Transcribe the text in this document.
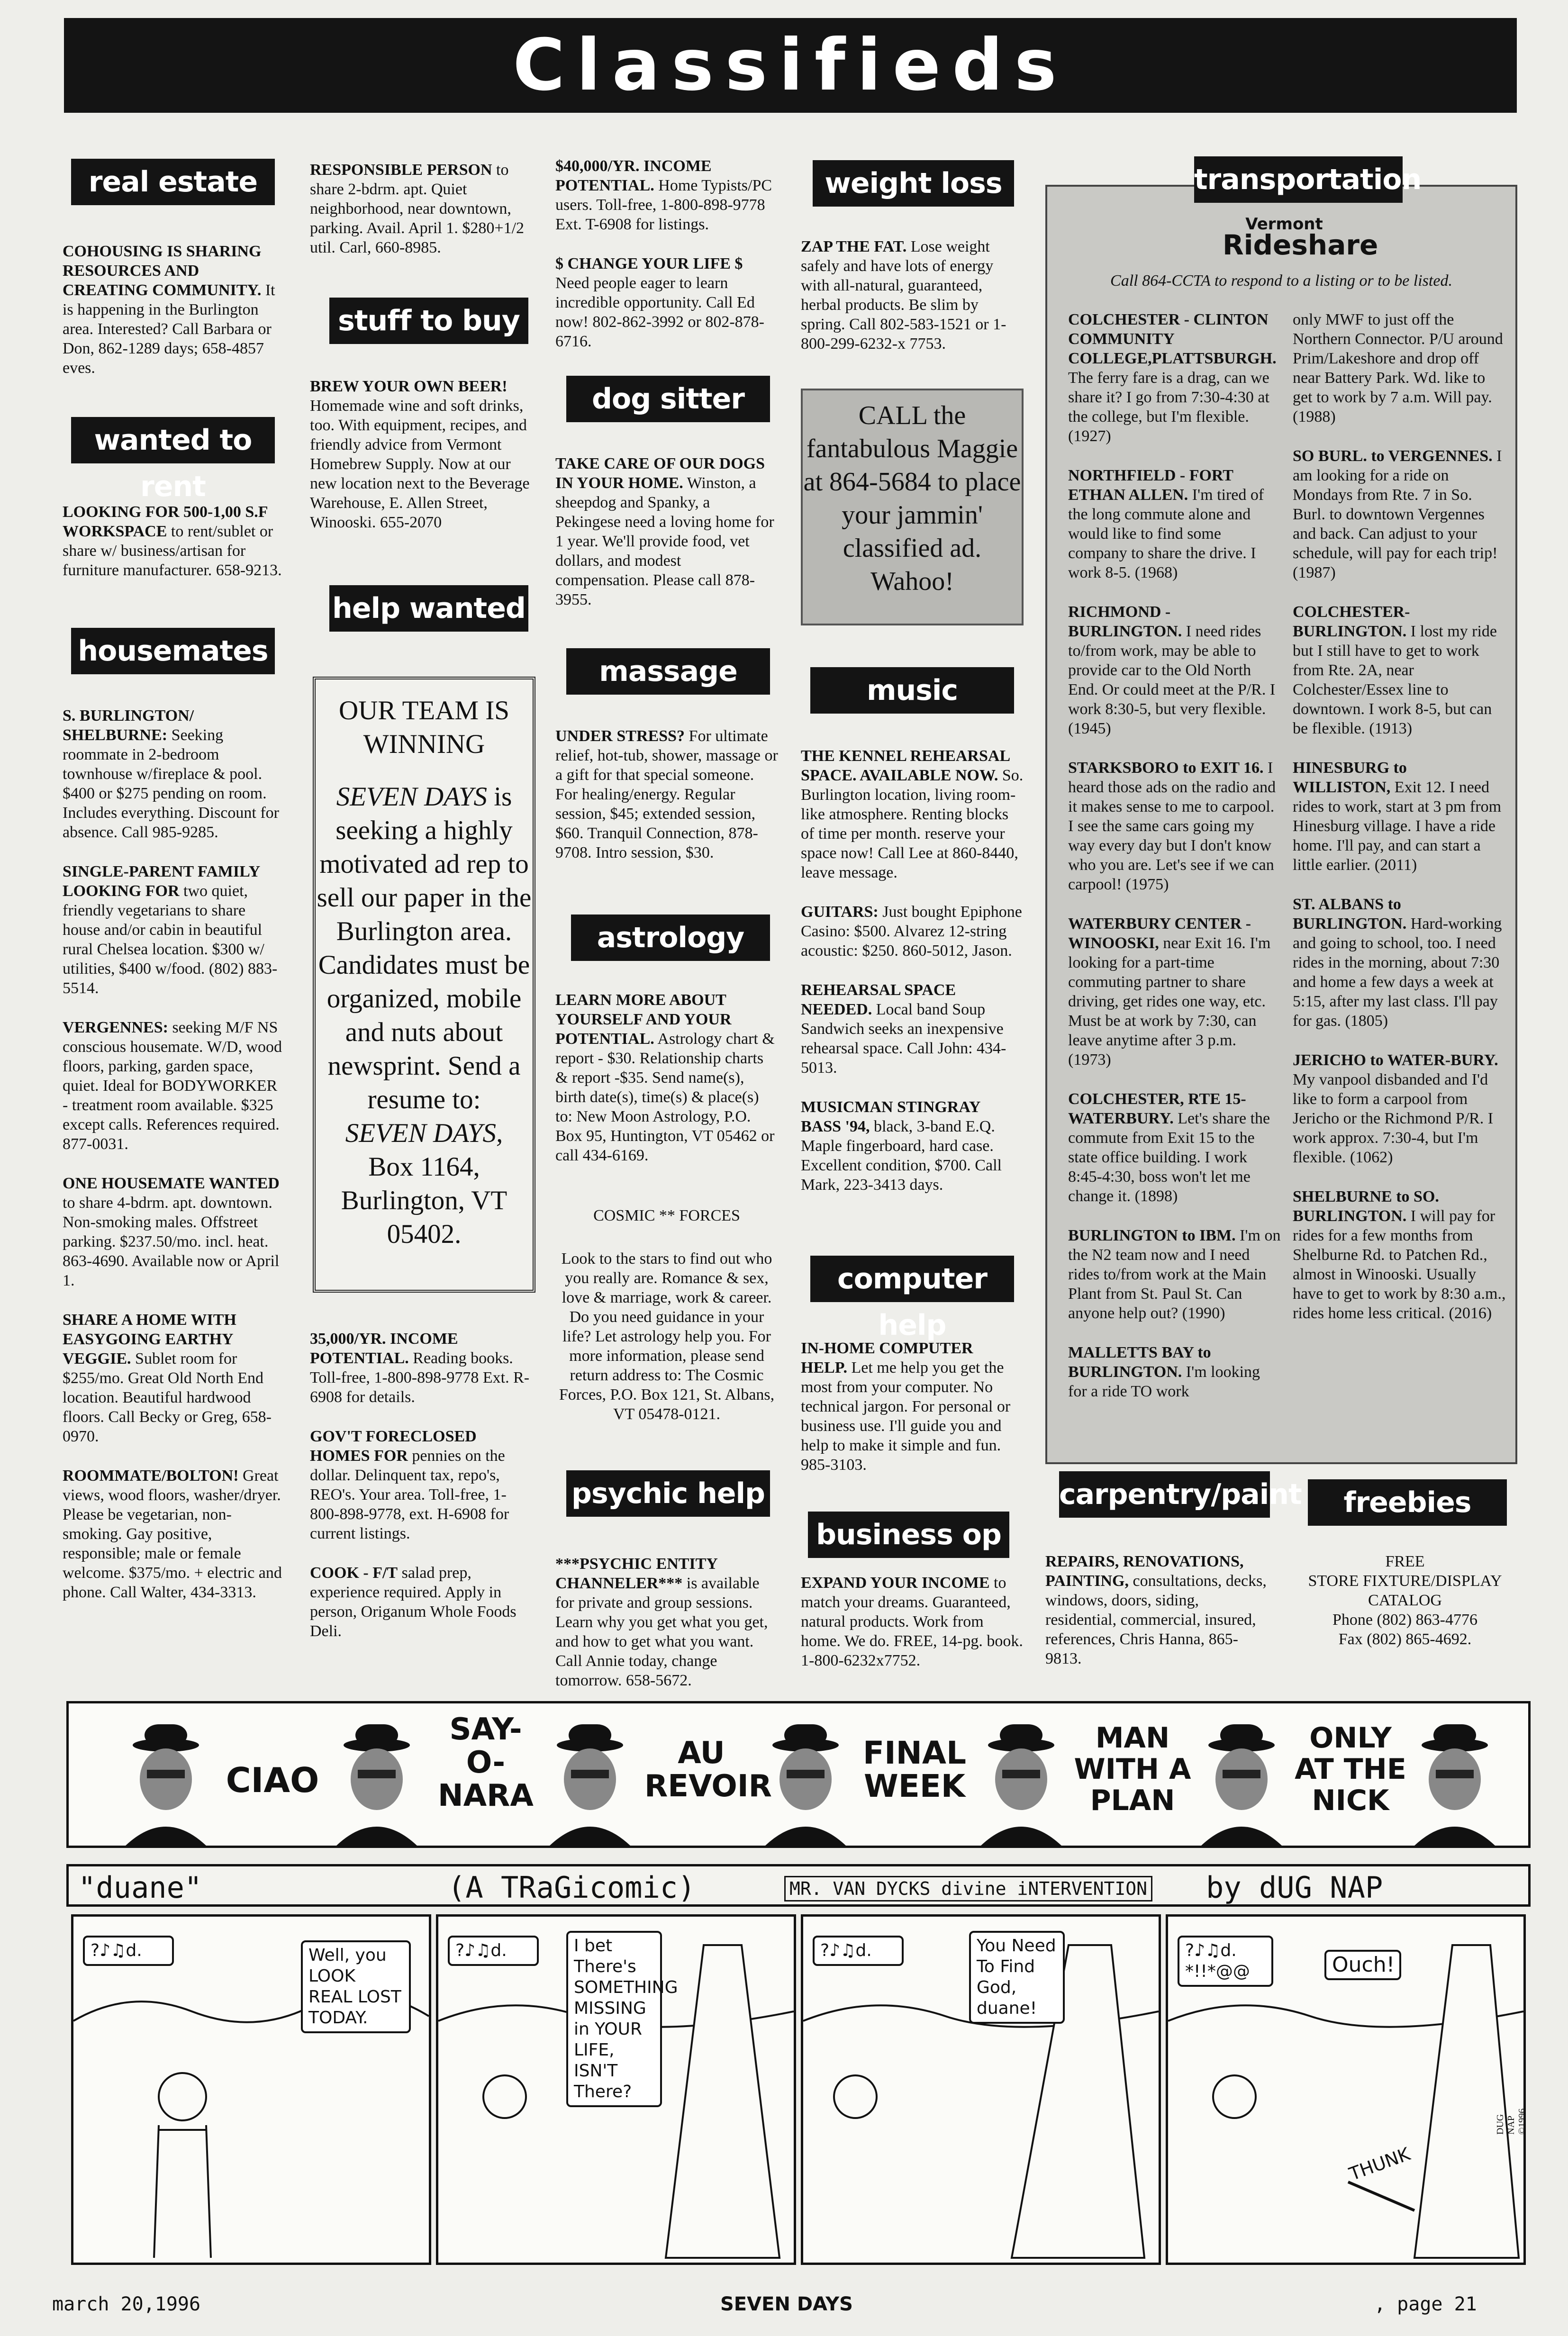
Classifieds
real estate
COHOUSING IS SHARING RESOURCES AND CREATING COMMUNITY. It is happening in the Burlington area. Interested? Call Barbara or Don, 862-1289 days; 658-4857 eves.
wanted to rent
LOOKING FOR 500-1,00 S.F WORKSPACE to rent/sublet or share w/ business/artisan for furniture manufacturer. 658-9213.
housemates
S. BURLINGTON/ SHELBURNE: Seeking roommate in 2-bedroom townhouse w/fireplace & pool. $400 or $275 pending on room. Includes everything. Discount for absence. Call 985-9285.
SINGLE-PARENT FAMILY LOOKING FOR two quiet, friendly vegetarians to share house and/or cabin in beautiful rural Chelsea location. $300 w/ utilities, $400 w/food. (802) 883-5514.
VERGENNES: seeking M/F NS conscious housemate. W/D, wood floors, parking, garden space, quiet. Ideal for BODYWORKER - treatment room available. $325 except calls. References required. 877-0031.
ONE HOUSEMATE WANTED to share 4-bdrm. apt. downtown. Non-smoking males. Offstreet parking. $237.50/mo. incl. heat. 863-4690. Available now or April 1.
SHARE A HOME WITH EASYGOING EARTHY VEGGIE. Sublet room for $255/mo. Great Old North End location. Beautiful hardwood floors. Call Becky or Greg, 658-0970.
ROOMMATE/BOLTON! Great views, wood floors, washer/dryer. Please be vegetarian, non-smoking. Gay positive, responsible; male or female welcome. $375/mo. + electric and phone. Call Walter, 434-3313.
RESPONSIBLE PERSON to share 2-bdrm. apt. Quiet neighborhood, near downtown, parking. Avail. April 1. $280+1/2 util. Carl, 660-8985.
stuff to buy
BREW YOUR OWN BEER! Homemade wine and soft drinks, too. With equipment, recipes, and friendly advice from Vermont Homebrew Supply. Now at our new location next to the Beverage Warehouse, E. Allen Street, Winooski. 655-2070
help wanted
OUR TEAM IS WINNING
SEVEN DAYS is seeking a highly motivated ad rep to sell our paper in the Burlington area. Candidates must be organized, mobile and nuts about newsprint. Send a resume to:
SEVEN DAYS,
Box 1164,
Burlington, VT 05402.
35,000/YR. INCOME POTENTIAL. Reading books. Toll-free, 1-800-898-9778 Ext. R-6908 for details.
GOV'T FORECLOSED HOMES FOR pennies on the dollar. Delinquent tax, repo's, REO's. Your area. Toll-free, 1-800-898-9778, ext. H-6908 for current listings.
COOK - F/T salad prep, experience required. Apply in person, Origanum Whole Foods Deli.
$40,000/YR. INCOME POTENTIAL. Home Typists/PC users. Toll-free, 1-800-898-9778 Ext. T-6908 for listings.
$ CHANGE YOUR LIFE $ Need people eager to learn incredible opportunity. Call Ed now! 802-862-3992 or 802-878-6716.
dog sitter
TAKE CARE OF OUR DOGS IN YOUR HOME. Winston, a sheepdog and Spanky, a Pekingese need a loving home for 1 year. We'll provide food, vet dollars, and modest compensation. Please call 878-3955.
massage
UNDER STRESS? For ultimate relief, hot-tub, shower, massage or a gift for that special someone. For healing/energy. Regular session, $45; extended session, $60. Tranquil Connection, 878-9708. Intro session, $30.
astrology
LEARN MORE ABOUT YOURSELF AND YOUR POTENTIAL. Astrology chart & report - $30. Relationship charts & report -$35. Send name(s), birth date(s), time(s) & place(s) to: New Moon Astrology, P.O. Box 95, Huntington, VT 05462 or call 434-6169.
COSMIC ** FORCES
Look to the stars to find out who you really are. Romance & sex, love & marriage, work & career. Do you need guidance in your life? Let astrology help you. For more information, please send return address to: The Cosmic Forces, P.O. Box 121, St. Albans, VT 05478-0121.
psychic help
***PSYCHIC ENTITY CHANNELER*** is available for private and group sessions. Learn why you get what you get, and how to get what you want. Call Annie today, change tomorrow. 658-5672.
weight loss
ZAP THE FAT. Lose weight safely and have lots of energy with all-natural, guaranteed, herbal products. Be slim by spring. Call 802-583-1521 or 1-800-299-6232-x 7753.
CALL the fantabulous Maggie at 864-5684 to place your jammin' classified ad. Wahoo!
music
THE KENNEL REHEARSAL SPACE. AVAILABLE NOW. So. Burlington location, living room-like atmosphere. Renting blocks of time per month. reserve your space now! Call Lee at 860-8440, leave message.
GUITARS: Just bought Epiphone Casino: $500. Alvarez 12-string acoustic: $250. 860-5012, Jason.
REHEARSAL SPACE NEEDED. Local band Soup Sandwich seeks an inexpensive rehearsal space. Call John: 434-5013.
MUSICMAN STINGRAY BASS '94, black, 3-band E.Q. Maple fingerboard, hard case. Excellent condition, $700. Call Mark, 223-3413 days.
computer help
IN-HOME COMPUTER HELP. Let me help you get the most from your computer. No technical jargon. For personal or business use. I'll guide you and help to make it simple and fun. 985-3103.
business op
EXPAND YOUR INCOME to match your dreams. Guaranteed, natural products. Work from home. We do. FREE, 14-pg. book. 1-800-6232x7752.
transportation
Vermont
Rideshare
Call 864-CCTA to respond to a listing or to be listed.
COLCHESTER - CLINTON COMMUNITY COLLEGE,PLATTSBURGH. The ferry fare is a drag, can we share it? I go from 7:30-4:30 at the college, but I'm flexible. (1927)
NORTHFIELD - FORT ETHAN ALLEN. I'm tired of the long commute alone and would like to find some company to share the drive. I work 8-5. (1968)
RICHMOND - BURLINGTON. I need rides to/from work, may be able to provide car to the Old North End. Or could meet at the P/R. I work 8:30-5, but very flexible. (1945)
STARKSBORO to EXIT 16. I heard those ads on the radio and it makes sense to me to carpool. I see the same cars going my way every day but I don't know who you are. Let's see if we can carpool! (1975)
WATERBURY CENTER - WINOOSKI, near Exit 16. I'm looking for a part-time commuting partner to share driving, get rides one way, etc. Must be at work by 7:30, can leave anytime after 3 p.m. (1973)
COLCHESTER, RTE 15-WATERBURY. Let's share the commute from Exit 15 to the state office building. I work 8:45-4:30, boss won't let me change it. (1898)
BURLINGTON to IBM. I'm on the N2 team now and I need rides to/from work at the Main Plant from St. Paul St. Can anyone help out? (1990)
MALLETTS BAY to BURLINGTON. I'm looking for a ride TO work
only MWF to just off the Northern Connector. P/U around Prim/Lakeshore and drop off near Battery Park. Wd. like to get to work by 7 a.m. Will pay. (1988)
SO BURL. to VERGENNES. I am looking for a ride on Mondays from Rte. 7 in So. Burl. to downtown Vergennes and back. Can adjust to your schedule, will pay for each trip! (1987)
COLCHESTER-BURLINGTON. I lost my ride but I still have to get to work from Rte. 2A, near Colchester/Essex line to downtown. I work 8-5, but can be flexible. (1913)
HINESBURG to WILLISTON, Exit 12. I need rides to work, start at 3 pm from Hinesburg village. I have a ride home. I'll pay, and can start a little earlier. (2011)
ST. ALBANS to BURLINGTON. Hard-working and going to school, too. I need rides in the morning, about 7:30 and home a few days a week at 5:15, after my last class. I'll pay for gas. (1805)
JERICHO to WATER-BURY. My vanpool disbanded and I'd like to form a carpool from Jericho or the Richmond P/R. I work approx. 7:30-4, but I'm flexible. (1062)
SHELBURNE to SO. BURLINGTON. I will pay for rides for a few months from Shelburne Rd. to Patchen Rd., almost in Winooski. Usually have to get to work by 8:30 a.m., rides home less critical. (2016)
carpentry/paint
REPAIRS, RENOVATIONS, PAINTING, consultations, decks, windows, doors, siding, residential, commercial, insured, references, Chris Hanna, 865-9813.
freebies
FREE
STORE FIXTURE/DISPLAY
CATALOG
Phone (802) 863-4776
Fax (802) 865-4692.
CIAO
SAY-O-NARA
AU REVOIR
FINAL WEEK
MAN WITH A PLAN
ONLY AT THE NICK
"duane"	(A TRaGicomic)	MR. VAN DYCKS divine iNTERVENTION by dUG NAP
?♪♫d.	Well, you LOOK REAL LOST TODAY.
?♪♫d.	I bet There's SOMETHING MISSING in YOUR LIFE, ISN'T There?
?♪♫d.	You Need To Find God, duane!
?♪♫d. *!!*@@	Ouch!
THUNK
DUG NAP ©1996
march 20,1996	SEVEN DAYS	, page 21
